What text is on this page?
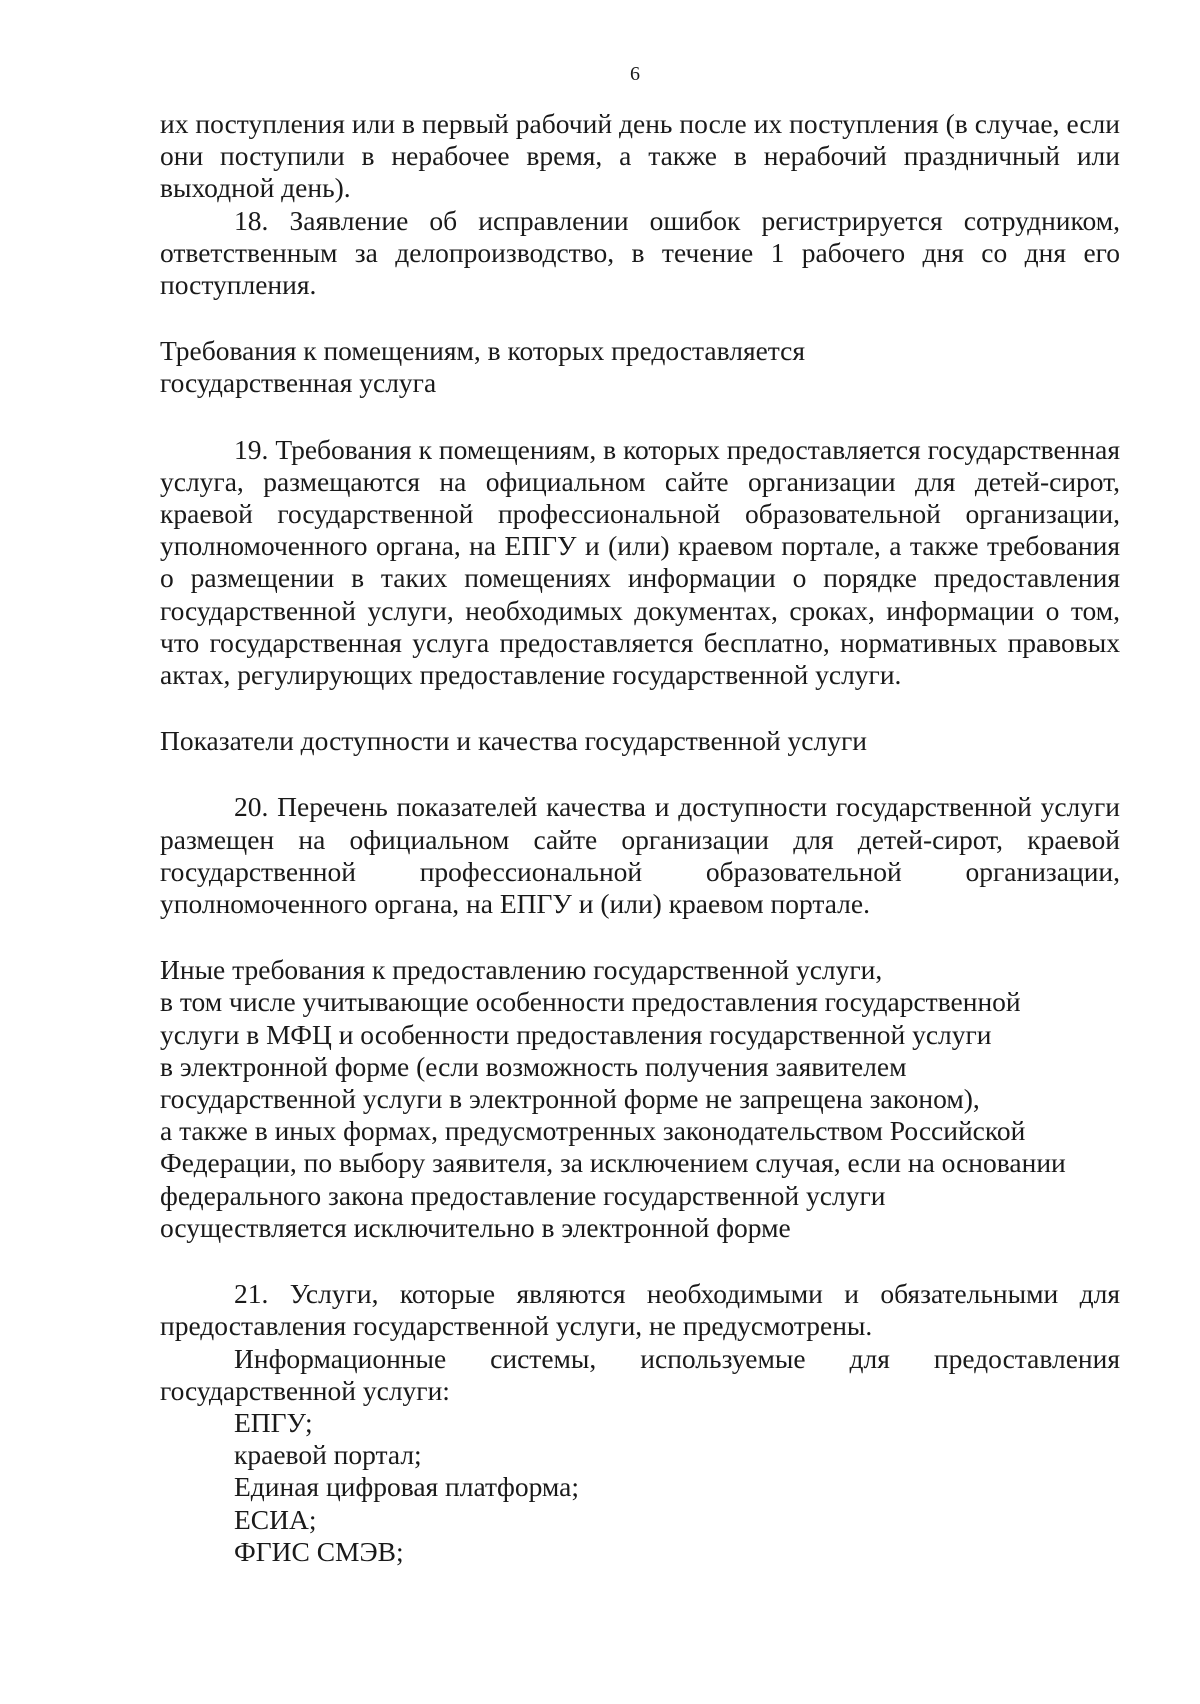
6

их поступления или в первый рабочий день после их поступления (в случае, если они поступили в нерабочее время, а также в нерабочий праздничный или выходной день).

18. Заявление об исправлении ошибок регистрируется сотрудником, ответственным за делопроизводство, в течение 1 рабочего дня со дня его поступления.

Требования к помещениям, в которых предоставляется

государственная услуга

19. Требования к помещениям, в которых предоставляется государственная услуга, размещаются на официальном сайте организации для детей-сирот, краевой государственной профессиональной образовательной организации, уполномоченного органа, на ЕПГУ и (или) краевом портале, а также требования о размещении в таких помещениях информации о порядке предоставления государственной услуги, необходимых документах, сроках, информации о том, что государственная услуга предоставляется бесплатно, нормативных правовых актах, регулирующих предоставление государственной услуги.

Показатели доступности и качества государственной услуги

20. Перечень показателей качества и доступности государственной услуги размещен на официальном сайте организации для детей-сирот, краевой государственной профессиональной образовательной организации, уполномоченного органа, на ЕПГУ и (или) краевом портале.

Иные требования к предоставлению государственной услуги,

в том числе учитывающие особенности предоставления государственной

услуги в МФЦ и особенности предоставления государственной услуги

в электронной форме (если возможность получения заявителем

государственной услуги в электронной форме не запрещена законом),

а также в иных формах, предусмотренных законодательством Российской

Федерации, по выбору заявителя, за исключением случая, если на основании

федерального закона предоставление государственной услуги

осуществляется исключительно в электронной форме

21. Услуги, которые являются необходимыми и обязательными для предоставления государственной услуги, не предусмотрены.

Информационные системы, используемые для предоставления государственной услуги:

ЕПГУ;

краевой портал;

Единая цифровая платформа;

ЕСИА;

ФГИС СМЭВ;
